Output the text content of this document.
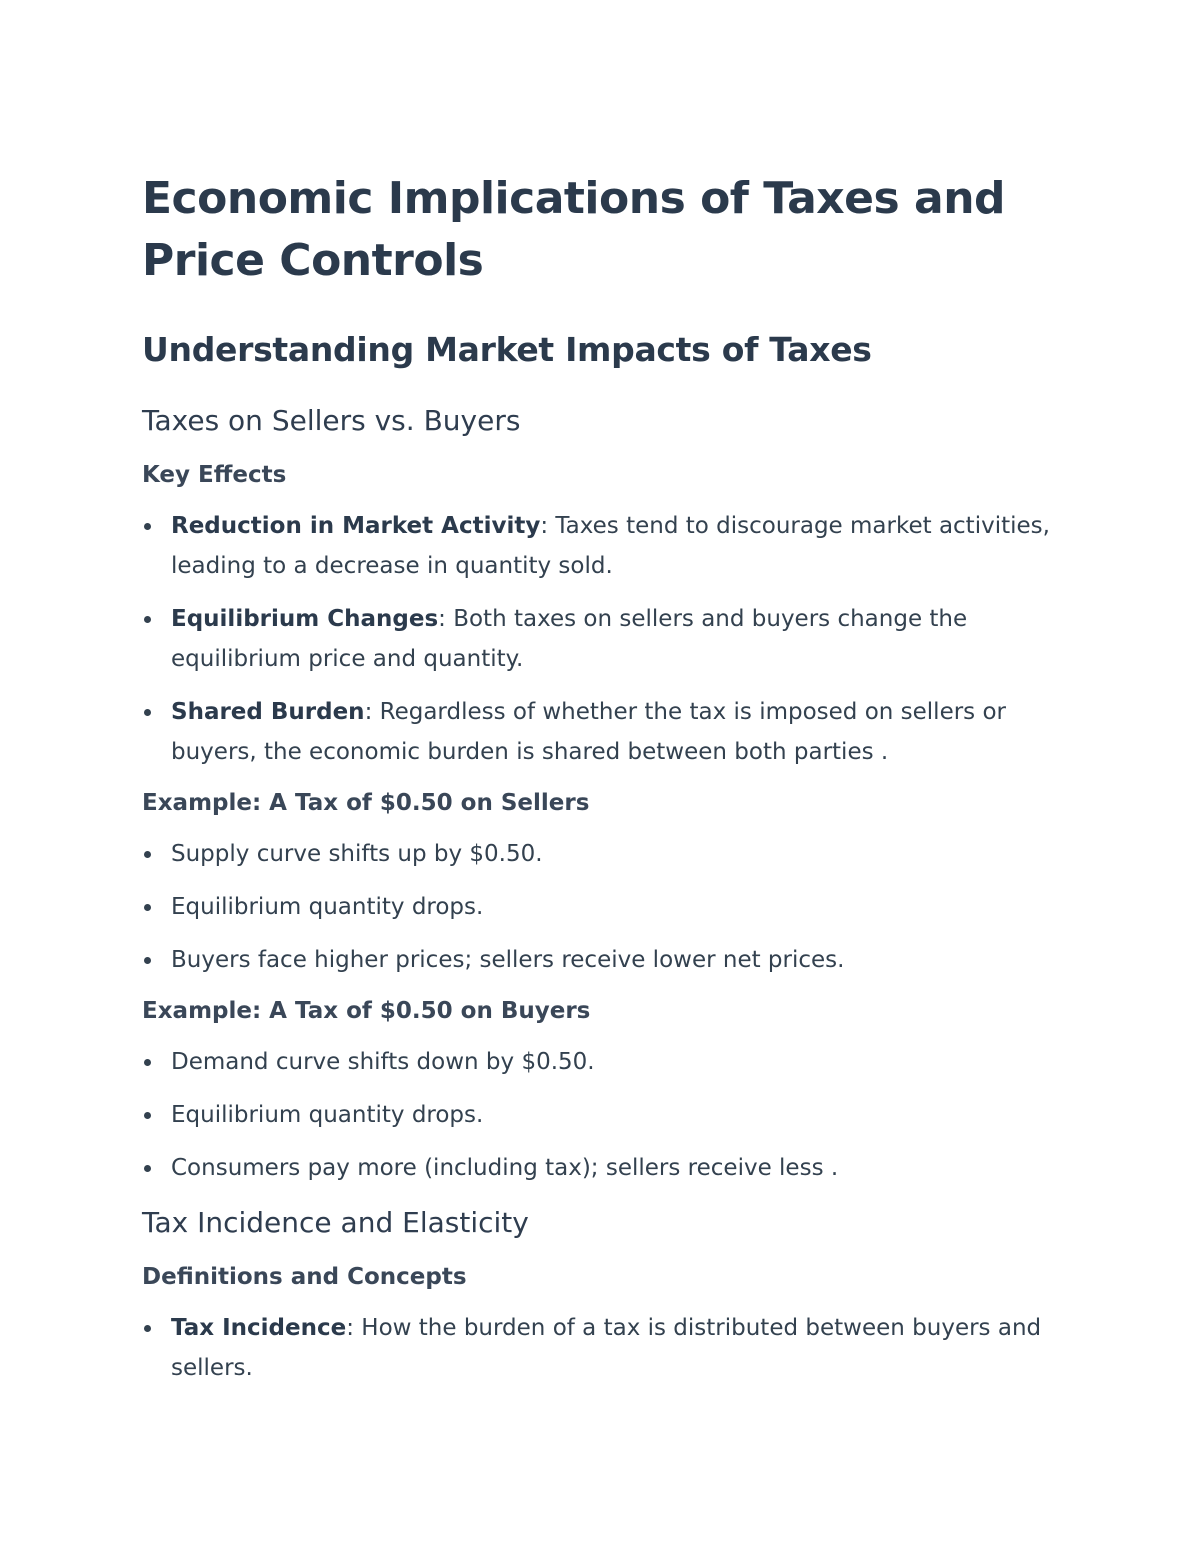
Economic Implications of Taxes and Price Controls
Understanding Market Impacts of Taxes
Taxes on Sellers vs. Buyers
Key Effects
Reduction in Market Activity: Taxes tend to discourage market activities, leading to a decrease in quantity sold.
Equilibrium Changes: Both taxes on sellers and buyers change the equilibrium price and quantity.
Shared Burden: Regardless of whether the tax is imposed on sellers or buyers, the economic burden is shared between both parties .
Example: A Tax of $0.50 on Sellers
Supply curve shifts up by $0.50.
Equilibrium quantity drops.
Buyers face higher prices; sellers receive lower net prices.
Example: A Tax of $0.50 on Buyers
Demand curve shifts down by $0.50.
Equilibrium quantity drops.
Consumers pay more (including tax); sellers receive less .
Tax Incidence and Elasticity
Definitions and Concepts
Tax Incidence: How the burden of a tax is distributed between buyers and sellers.
